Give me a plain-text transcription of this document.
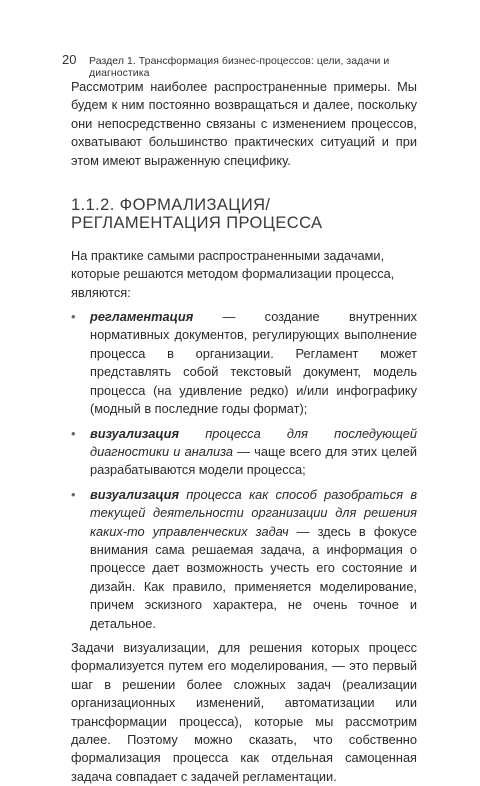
20	Раздел 1. Трансформация бизнес-процессов: цели, задачи и диагностика

Рассмотрим наиболее распространенные примеры. Мы будем к ним постоянно возвращаться и далее, поскольку они непосредственно связаны с изменением процессов, охватывают большинство практических ситуаций и при этом имеют выраженную специфику.

1.1.2. ФОРМАЛИЗАЦИЯ/РЕГЛАМЕНТАЦИЯ ПРОЦЕССА

На практике самыми распространенными задачами, которые решаются методом формализации процесса, являются:

• регламентация — создание внутренних нормативных документов, регулирующих выполнение процесса в организации. Регламент может представлять собой текстовый документ, модель процесса (на удивление редко) и/или инфографику (модный в последние годы формат);
• визуализация процесса для последующей диагностики и анализа — чаще всего для этих целей разрабатываются модели процесса;
• визуализация процесса как способ разобраться в текущей деятельности организации для решения каких-то управленческих задач — здесь в фокусе внимания сама решаемая задача, а информация о процессе дает возможность учесть его состояние и дизайн. Как правило, применяется моделирование, причем эскизного характера, не очень точное и детальное.

Задачи визуализации, для решения которых процесс формализуется путем его моделирования, — это первый шаг в решении более сложных задач (реализации организационных изменений, автоматизации или трансформации процесса), которые мы рассмотрим далее. Поэтому можно сказать, что собственно формализация процесса как отдельная самоценная задача совпадает с задачей регламентации.
